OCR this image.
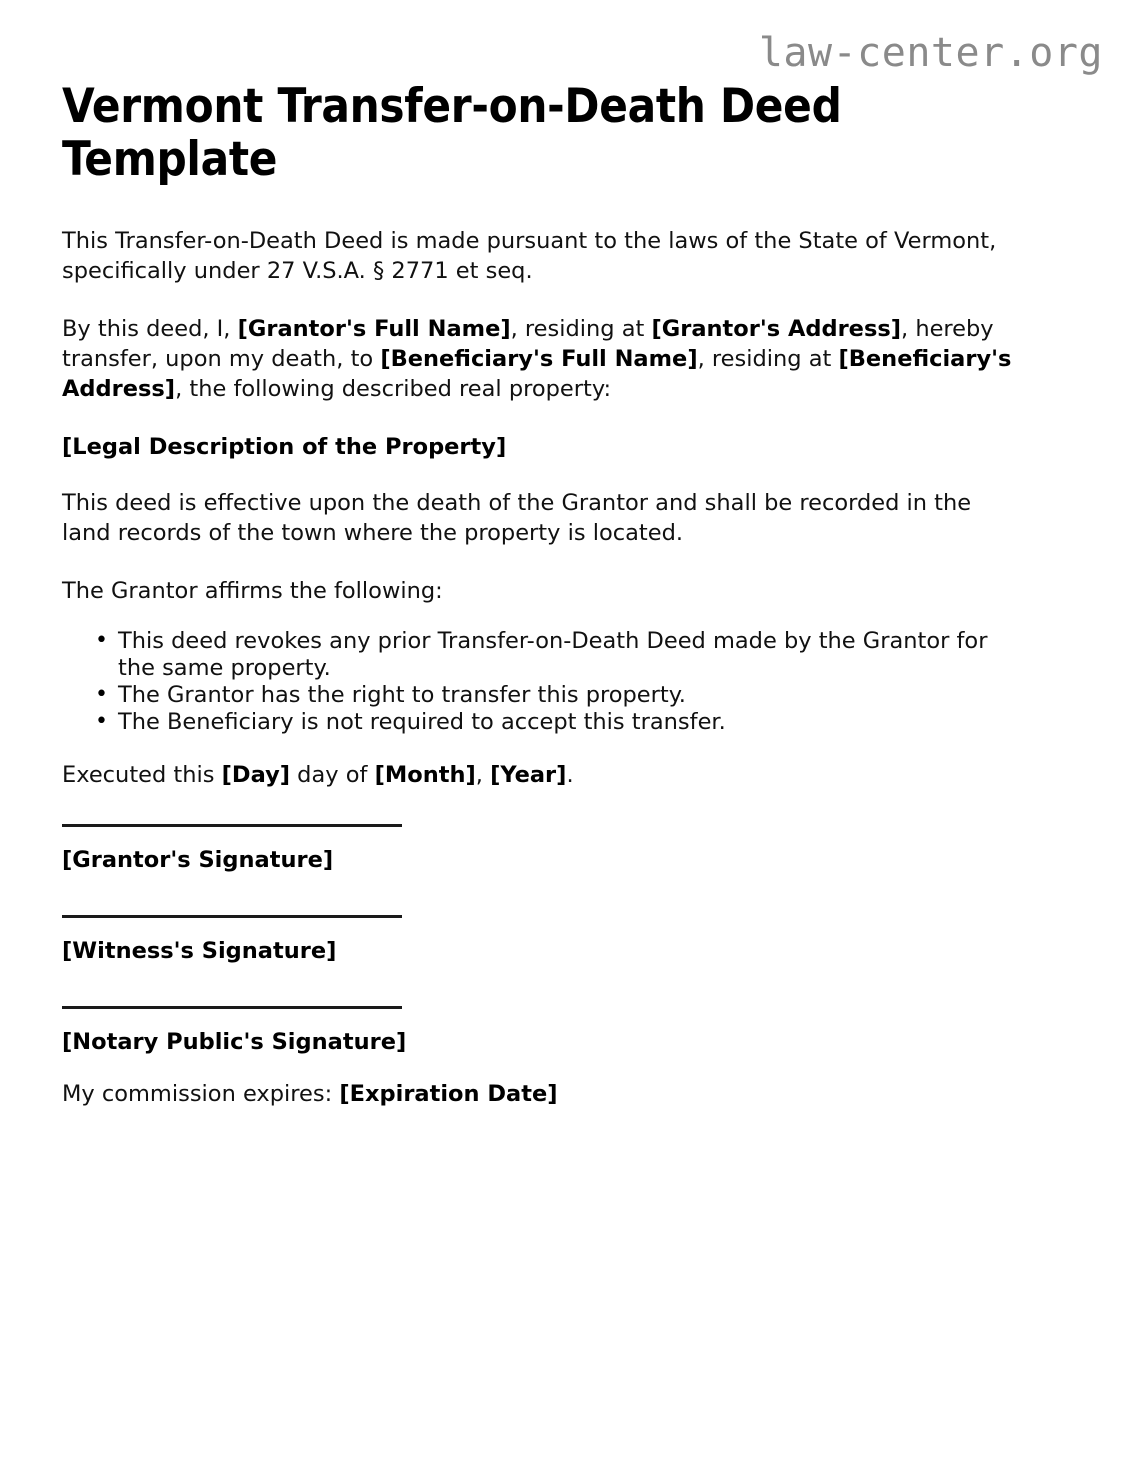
law-center.org
Vermont Transfer-on-Death Deed Template

This Transfer-on-Death Deed is made pursuant to the laws of the State of Vermont, specifically under 27 V.S.A. § 2771 et seq.

By this deed, I, [Grantor's Full Name], residing at [Grantor's Address], hereby transfer, upon my death, to [Beneficiary's Full Name], residing at [Beneficiary's Address], the following described real property:

[Legal Description of the Property]

This deed is effective upon the death of the Grantor and shall be recorded in the land records of the town where the property is located.

The Grantor affirms the following:

• This deed revokes any prior Transfer-on-Death Deed made by the Grantor for the same property.
• The Grantor has the right to transfer this property.
• The Beneficiary is not required to accept this transfer.

Executed this [Day] day of [Month], [Year].

[Grantor's Signature]

[Witness's Signature]

[Notary Public's Signature]

My commission expires: [Expiration Date]
